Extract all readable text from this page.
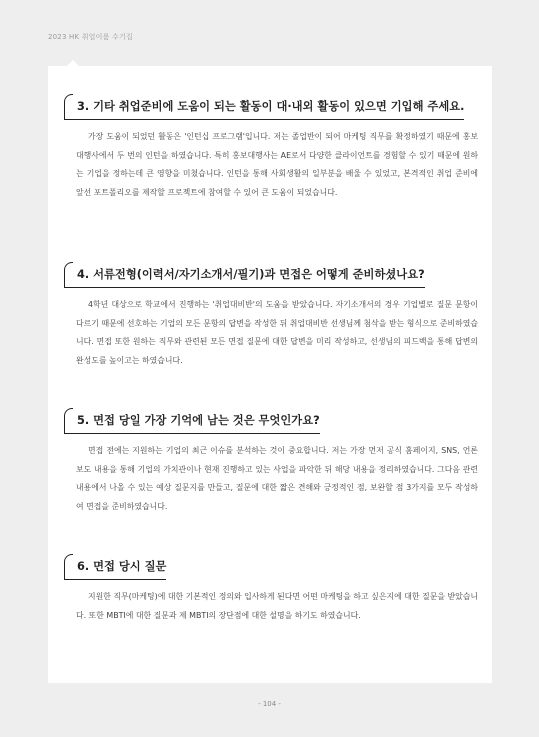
2023 HK 취업이룸 수기집
3. 기타 취업준비에 도움이 되는 활동이 대·내외 활동이 있으면 기입해 주세요.
가장 도움이 되었던 활동은 '인턴십 프로그램'입니다. 저는 졸업반이 되어 마케팅 직무를 확정하였기 때문에 홍보대행사에서 두 번의 인턴을 하였습니다. 특히 홍보대행사는 AE로서 다양한 클라이언트를 경험할 수 있기 때문에 원하는 기업을 정하는데 큰 영향을 미쳤습니다. 인턴을 통해 사회생활의 일부분을 배울 수 있었고, 본격적인 취업 준비에 앞선 포트폴리오를 제작할 프로젝트에 참여할 수 있어 큰 도움이 되었습니다.
4. 서류전형(이력서/자기소개서/필기)과 면접은 어떻게 준비하셨나요?
4학년 대상으로 학교에서 진행하는 '취업대비반'의 도움을 받았습니다. 자기소개서의 경우 기업별로 질문 문항이 다르기 때문에 선호하는 기업의 모든 문항의 답변을 작성한 뒤 취업대비반 선생님께 첨삭을 받는 형식으로 준비하였습니다. 면접 또한 원하는 직무와 관련된 모든 면접 질문에 대한 답변을 미리 작성하고, 선생님의 피드백을 통해 답변의 완성도를 높이고는 하였습니다.
5. 면접 당일 가장 기억에 남는 것은 무엇인가요?
면접 전에는 지원하는 기업의 최근 이슈를 분석하는 것이 중요합니다. 저는 가장 먼저 공식 홈페이지, SNS, 언론 보도 내용을 통해 기업의 가치관이나 현재 진행하고 있는 사업을 파악한 뒤 해당 내용을 정리하였습니다. 그다음 관련 내용에서 나올 수 있는 예상 질문지를 만들고, 질문에 대한 짧은 견해와 긍정적인 점, 보완할 점 3가지를 모두 작성하여 면접을 준비하였습니다.
6. 면접 당시 질문
지원한 직무(마케팅)에 대한 기본적인 정의와 입사하게 된다면 어떤 마케팅을 하고 싶은지에 대한 질문을 받았습니다. 또한 MBTI에 대한 질문과 제 MBTI의 장단점에 대한 설명을 하기도 하였습니다.
- 104 -
